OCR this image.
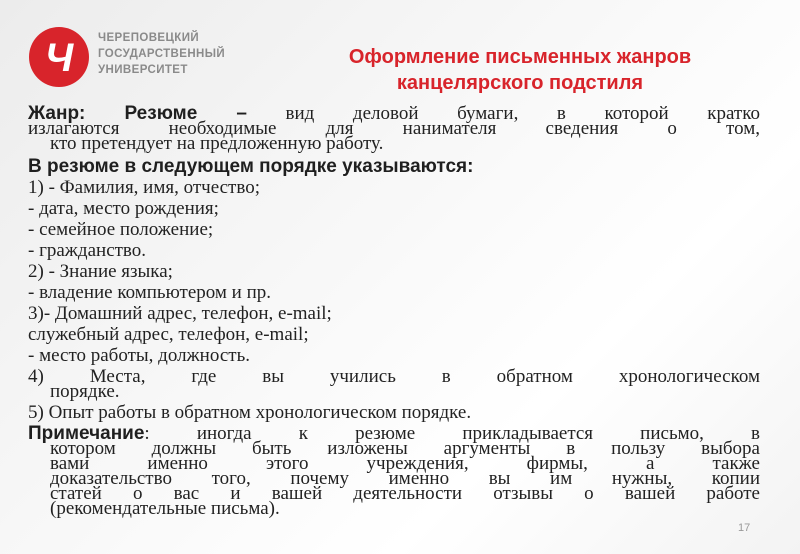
Ч ЧЕРЕПОВЕЦКИЙ
ГОСУДАРСТВЕННЫЙ
УНИВЕРСИТЕТ
Оформление письменных жанров
канцелярского подстиля
Жанр: Резюме – вид деловой бумаги, в которой кратко
излагаются необходимые для нанимателя сведения о том,
кто претендует на предложенную работу.
В резюме в следующем порядке указываются:
1) - Фамилия, имя, отчество;
- дата, место рождения;
- семейное положение;
- гражданство.
2) - Знание языка;
- владение компьютером и пр.
3)- Домашний адрес, телефон, e-mail;
служебный адрес, телефон, e-mail;
- место работы, должность.
4) Места, где вы учились в обратном хронологическом
порядке.
5) Опыт работы в обратном хронологическом порядке.
Примечание: иногда к резюме прикладывается письмо, в
котором должны быть изложены аргументы в пользу выбора
вами именно этого учреждения, фирмы, а также
доказательство того, почему именно вы им нужны, копии
статей о вас и вашей деятельности отзывы о вашей работе
(рекомендательные письма).
17
